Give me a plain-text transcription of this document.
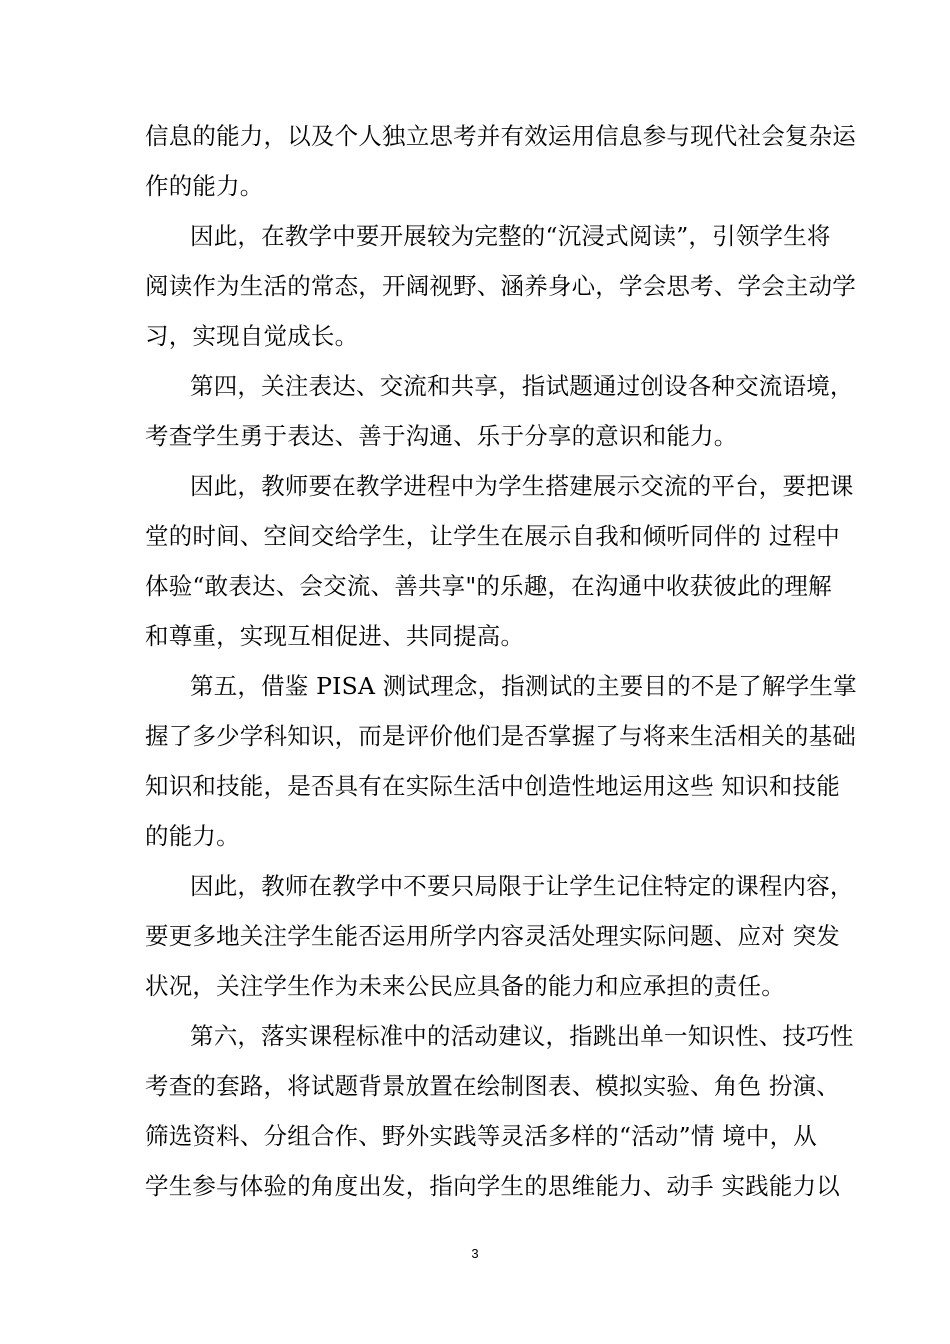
信息的能力，以及个人独立思考并有效运用信息参与现代社会复杂运
作的能力。
因此，在教学中要开展较为完整的“沉浸式阅读”，引领学生将
阅读作为生活的常态，开阔视野、涵养身心，学会思考、学会主动学
习，实现自觉成长。
第四，关注表达、交流和共享，指试题通过创设各种交流语境，
考查学生勇于表达、善于沟通、乐于分享的意识和能力。
因此，教师要在教学进程中为学生搭建展示交流的平台，要把课
堂的时间、空间交给学生，让学生在展示自我和倾听同伴的 过程中
体验“敢表达、会交流、善共享"的乐趣，在沟通中收获彼此的理解
和尊重，实现互相促进、共同提高。
第五，借鉴 PISA 测试理念，指测试的主要目的不是了解学生掌
握了多少学科知识，而是评价他们是否掌握了与将来生活相关的基础
知识和技能，是否具有在实际生活中创造性地运用这些 知识和技能
的能力。
因此，教师在教学中不要只局限于让学生记住特定的课程内容，
要更多地关注学生能否运用所学内容灵活处理实际问题、应对 突发
状况，关注学生作为未来公民应具备的能力和应承担的责任。
第六，落实课程标准中的活动建议，指跳出单一知识性、技巧性
考查的套路，将试题背景放置在绘制图表、模拟实验、角色 扮演、
筛选资料、分组合作、野外实践等灵活多样的“活动”情 境中，从
学生参与体验的角度出发，指向学生的思维能力、动手 实践能力以
3
